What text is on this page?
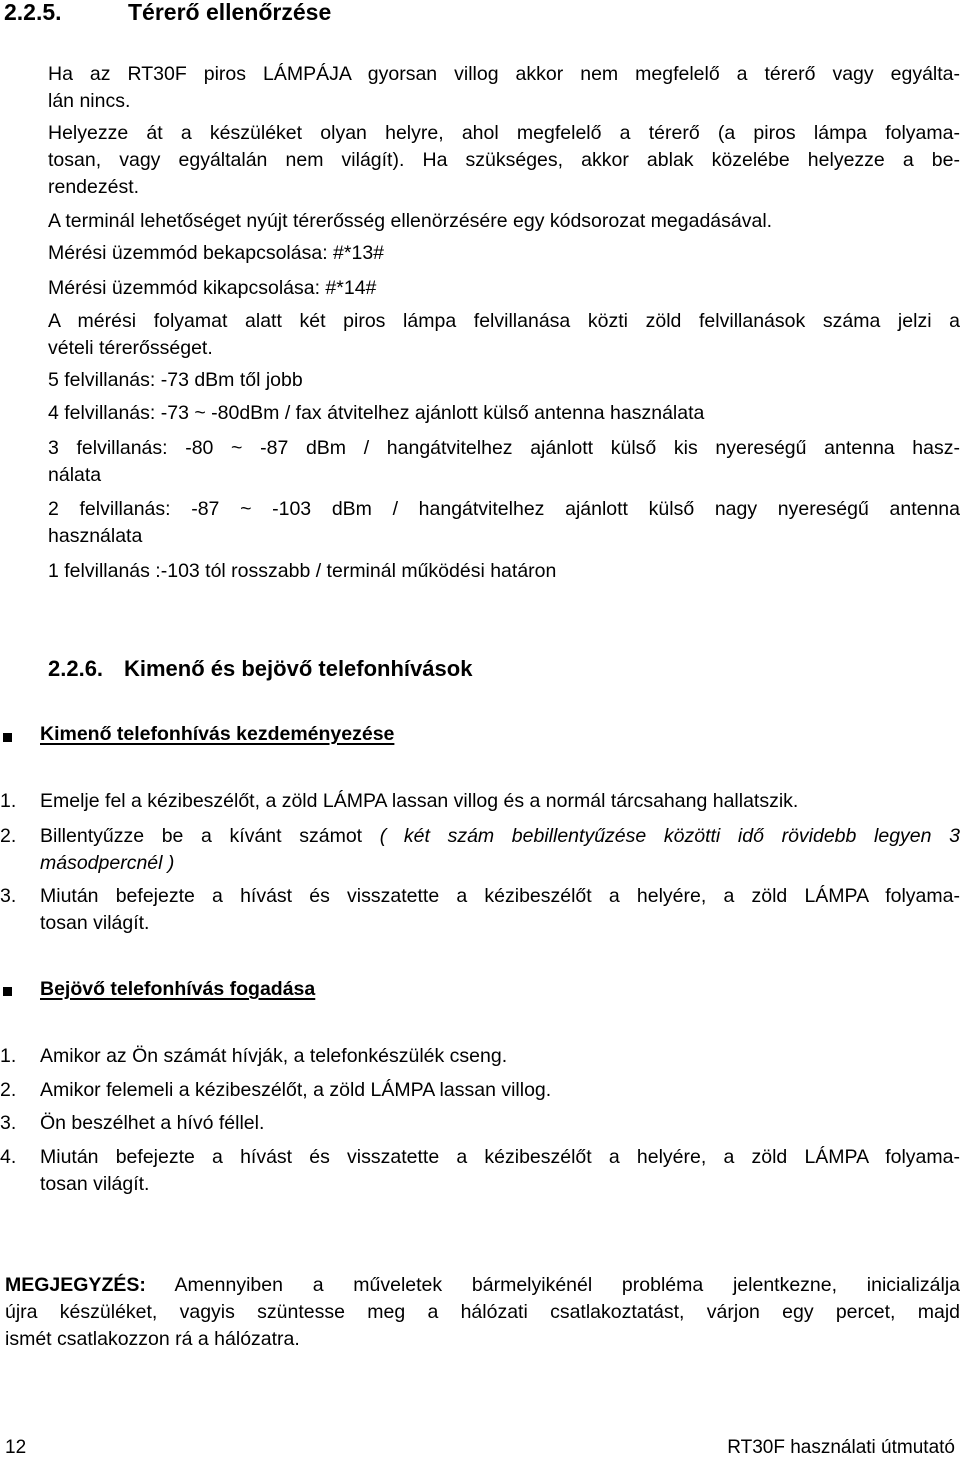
2.2.5.	Térerő ellenőrzése
Ha az RT30F piros LÁMPÁJA gyorsan villog akkor nem megfelelő a térerő vagy egyálta-
lán nincs.
Helyezze át a készüléket olyan helyre, ahol megfelelő a térerő (a piros lámpa folyama-
tosan, vagy egyáltalán nem világít). Ha szükséges, akkor ablak közelébe helyezze a be-
rendezést.
A terminál lehetőséget nyújt térerősség ellenörzésére egy kódsorozat megadásával.
Mérési üzemmód bekapcsolása: #*13#
Mérési üzemmód kikapcsolása: #*14#
A mérési folyamat alatt két piros lámpa felvillanása közti zöld felvillanások száma jelzi a
vételi térerősséget.
5 felvillanás: -73 dBm től jobb
4 felvillanás: -73 ~ -80dBm / fax átvitelhez ajánlott külső antenna használata
3 felvillanás: -80 ~ -87 dBm / hangátvitelhez ajánlott külső kis nyereségű antenna hasz-
nálata
2 felvillanás: -87 ~ -103 dBm / hangátvitelhez ajánlott külső nagy nyereségű antenna
használata
1 felvillanás :-103 tól rosszabb / terminál működési határon
2.2.6. Kimenő és bejövő telefonhívások
Kimenő telefonhívás kezdeményezése
1. Emelje fel a kézibeszélőt, a zöld LÁMPA lassan villog és a normál tárcsahang hallatszik.
2. Billentyűzze be a kívánt számot ( két szám bebillentyűzése közötti idő rövidebb legyen 3
másodpercnél )
3. Miután befejezte a hívást és visszatette a kézibeszélőt a helyére, a zöld LÁMPA folyama-
tosan világít.
Bejövő telefonhívás fogadása
1. Amikor az Ön számát hívják, a telefonkészülék cseng.
2. Amikor felemeli a kézibeszélőt, a zöld LÁMPA lassan villog.
3. Ön beszélhet a hívó féllel.
4. Miután befejezte a hívást és visszatette a kézibeszélőt a helyére, a zöld LÁMPA folyama-
tosan világít.
MEGJEGYZÉS: Amennyiben a műveletek bármelyikénél probléma jelentkezne, inicializálja
újra készüléket, vagyis szüntesse meg a hálózati csatlakoztatást, várjon egy percet, majd
ismét csatlakozzon rá a hálózatra.
12	RT30F használati útmutató
